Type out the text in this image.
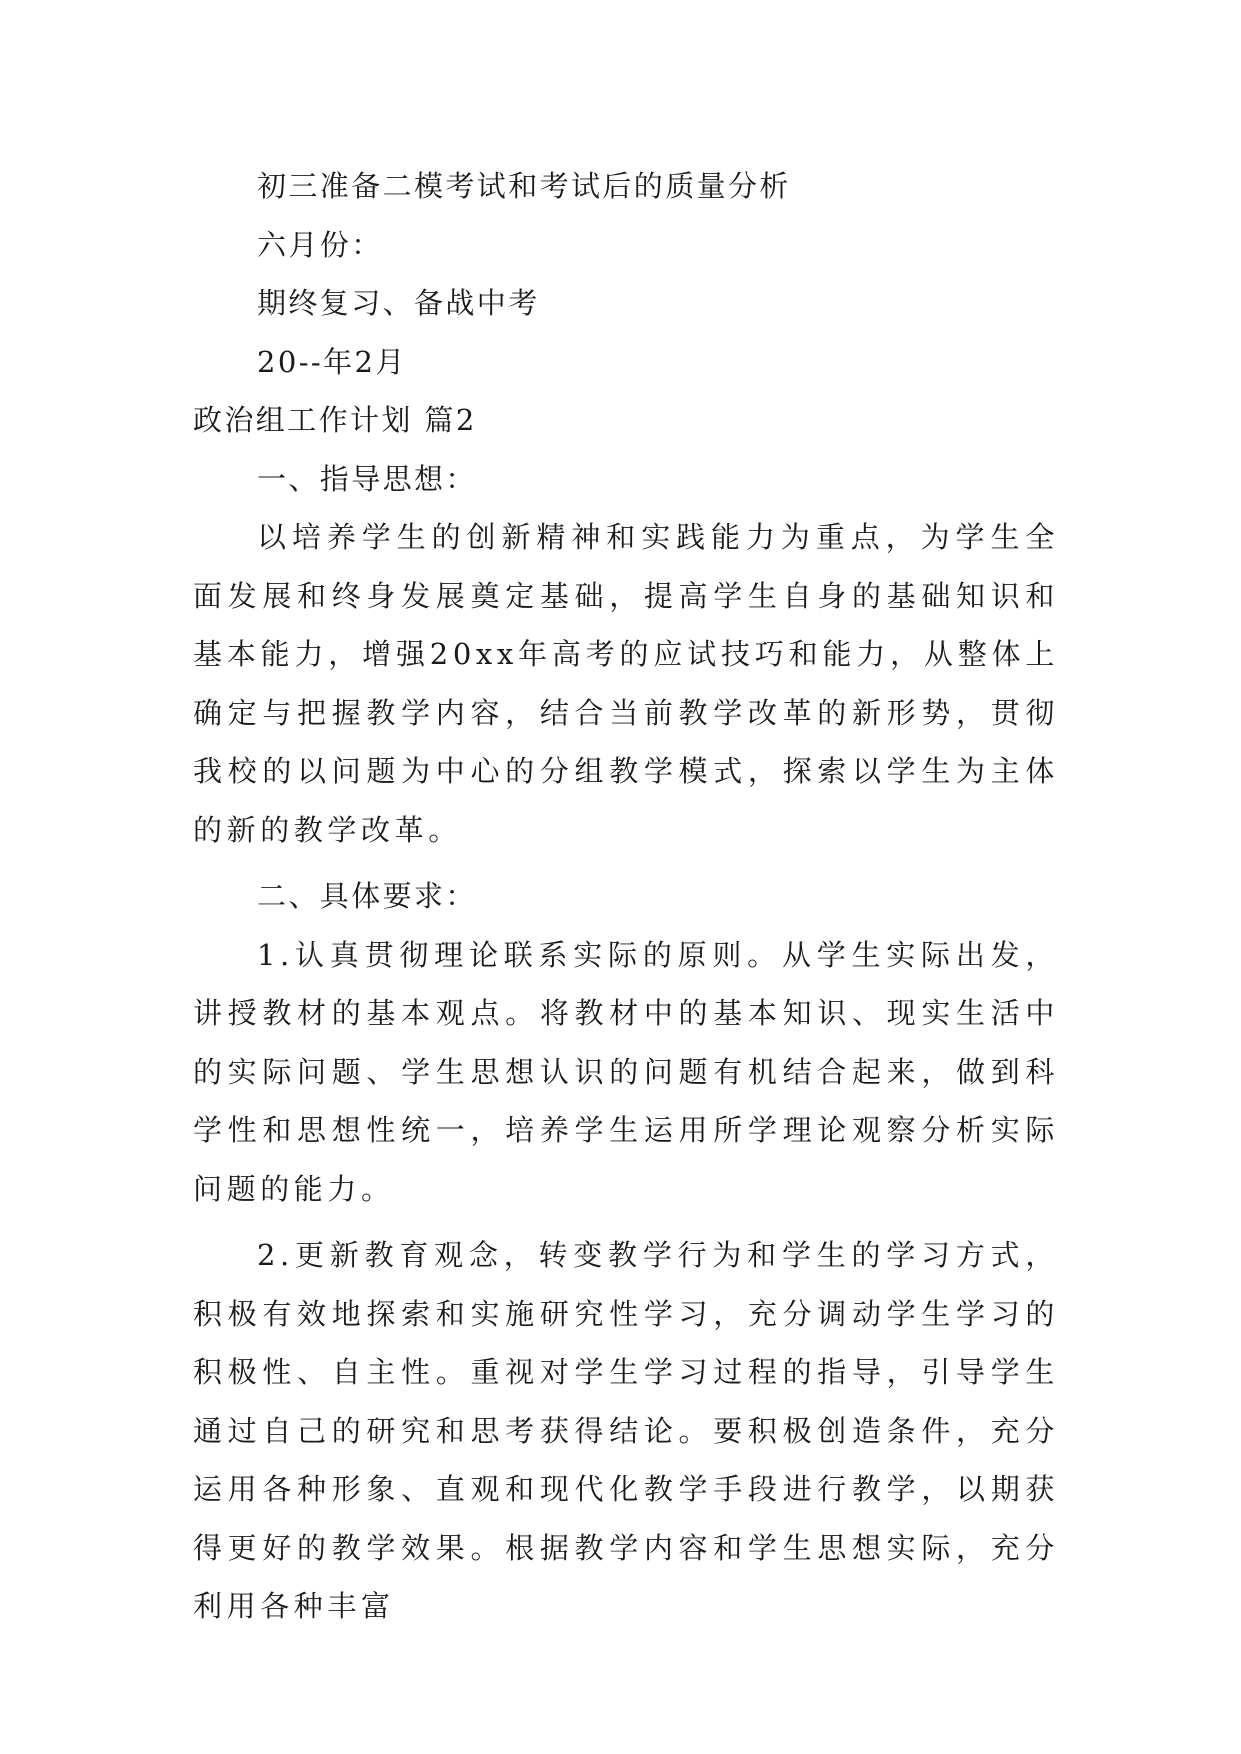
初三准备二模考试和考试后的质量分析
六月份：
期终复习、备战中考
20--年2月
政治组工作计划 篇2
一、指导思想：

以培养学生的创新精神和实践能力为重点，为学生全面发展和终身发展奠定基础，提高学生自身的基础知识和基本能力，增强20xx年高考的应试技巧和能力，从整体上确定与把握教学内容，结合当前教学改革的新形势，贯彻我校的以问题为中心的分组教学模式，探索以学生为主体的新的教学改革。

二、具体要求：

1.认真贯彻理论联系实际的原则。从学生实际出发，讲授教材的基本观点。将教材中的基本知识、现实生活中的实际问题、学生思想认识的问题有机结合起来，做到科学性和思想性统一，培养学生运用所学理论观察分析实际问题的能力。

2.更新教育观念，转变教学行为和学生的学习方式，积极有效地探索和实施研究性学习，充分调动学生学习的积极性、自主性。重视对学生学习过程的指导，引导学生通过自己的研究和思考获得结论。要积极创造条件，充分运用各种形象、直观和现代化教学手段进行教学，以期获得更好的教学效果。根据教学内容和学生思想实际，充分利用各种丰富
